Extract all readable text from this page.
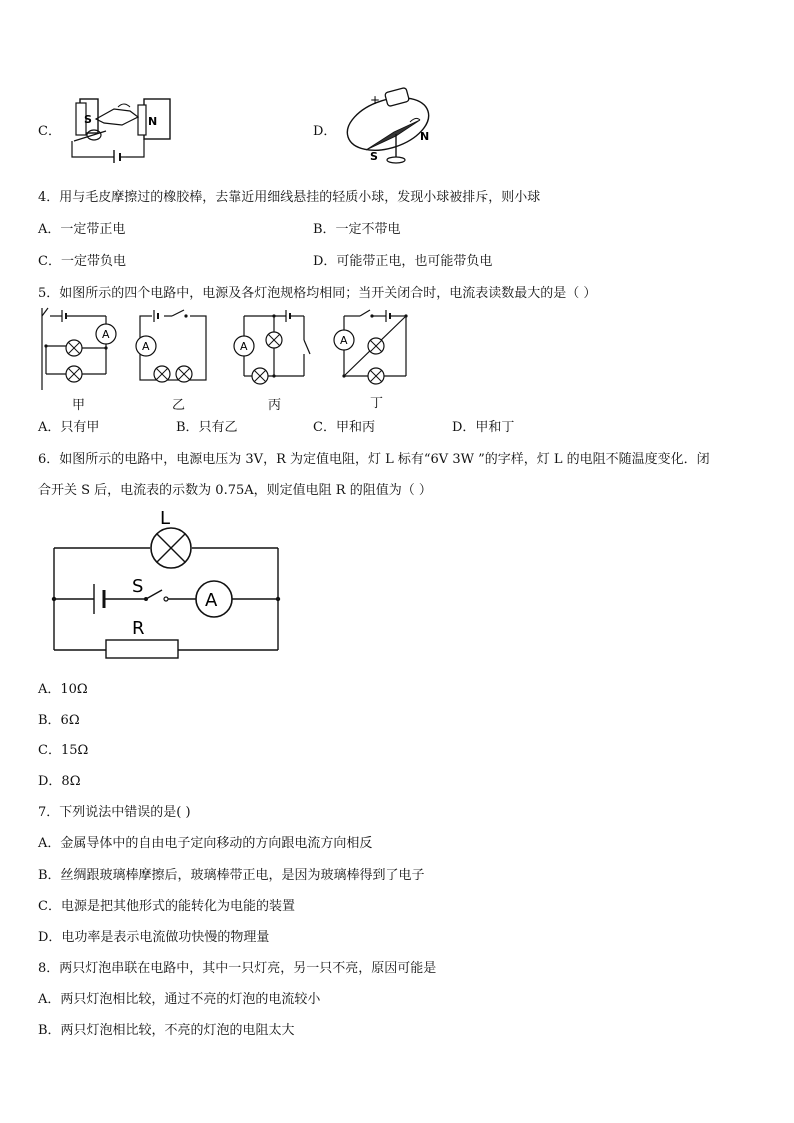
C．
S	N
D．
+
S
N
4．用与毛皮摩擦过的橡胶棒，去靠近用细线悬挂的轻质小球，发现小球被排斥，则小球
A．一定带正电	B．一定不带电
C．一定带负电	D．可能带正电，也可能带负电
5．如图所示的四个电路中，电源及各灯泡规格均相同；当开关闭合时，电流表读数最大的是（ ）
A
甲
A
乙
A
丙
A
丁
A．只有甲	B．只有乙	C．甲和丙	D．甲和丁
6．如图所示的电路中，电源电压为 3V，R 为定值电阻，灯 L 标有“6V 3W ”的字样，灯 L 的电阻不随温度变化．闭
合开关 S 后，电流表的示数为 0.75A，则定值电阻 R 的阻值为（ ）
L
S
A
R
A．10Ω
B．6Ω
C．15Ω
D．8Ω
7．下列说法中错误的是( )
A．金属导体中的自由电子定向移动的方向跟电流方向相反
B．丝绸跟玻璃棒摩擦后，玻璃棒带正电，是因为玻璃棒得到了电子
C．电源是把其他形式的能转化为电能的装置
D．电功率是表示电流做功快慢的物理量
8．两只灯泡串联在电路中，其中一只灯亮，另一只不亮，原因可能是
A．两只灯泡相比较，通过不亮的灯泡的电流较小
B．两只灯泡相比较，不亮的灯泡的电阻太大
